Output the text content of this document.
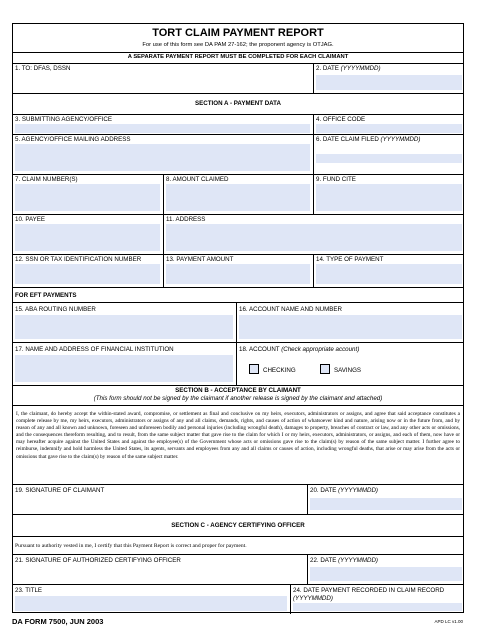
TORT CLAIM PAYMENT REPORT
For use of this form see DA PAM 27-162; the proponent agency is OTJAG.
A SEPARATE PAYMENT REPORT MUST BE COMPLETED FOR EACH CLAIMANT
1. TO: DFAS, DSSN	2. DATE (YYYYMMDD)
SECTION A - PAYMENT DATA
3. SUBMITTING AGENCY/OFFICE	4. OFFICE CODE
5. AGENCY/OFFICE MAILING ADDRESS	6. DATE CLAIM FILED (YYYYMMDD)
7. CLAIM NUMBER(S)	8. AMOUNT CLAIMED	9. FUND CITE
10. PAYEE	11. ADDRESS
12. SSN OR TAX IDENTIFICATION NUMBER	13. PAYMENT AMOUNT	14. TYPE OF PAYMENT
FOR EFT PAYMENTS
15. ABA ROUTING NUMBER	16. ACCOUNT NAME AND NUMBER
17. NAME AND ADDRESS OF FINANCIAL INSTITUTION	18. ACCOUNT (Check appropriate account)
CHECKING	SAVINGS
SECTION B - ACCEPTANCE BY CLAIMANT
(This form should not be signed by the claimant if another release is signed by the claimant and attached)
I, the claimant, do hereby accept the within-stated award, compromise, or settlement as final and conclusive on my heirs, executors, administrators or assigns, and agree that said acceptance constitutes a complete release by me, my heirs, executors, administrators or assigns of any and all claims, demands, rights, and causes of action of whatsoever kind and nature, arising now or in the future from, and by reason of any and all known and unknown, foreseen and unforeseen bodily and personal injuries (including wrongful death), damages to property, breaches of contract or law, and any other acts or omissions, and the consequences thereform resulting, and to result, from the same subject matter that gave rise to the claim for which I or my heirs, executors, administrators, or assigns, and each of them, now have or may hereafter acquire against the United States and against the employee(s) of the Government whose acts or omissions gave rise to the claim(s) by reason of the same subject matter. I further agree to reimburse, indemnify and hold harmless the United States, its agents, servants and employees from any and all claims or causes of action, including wrongful deaths, that arise or may arise from the acts or omissions that gave rise to the claim(s) by reason of the same subject matter.
19. SIGNATURE OF CLAIMANT	20. DATE (YYYYMMDD)
SECTION C - AGENCY CERTIFYING OFFICER
Pursuant to authority vested in me, I certify that this Payment Report is correct and proper for payment.
21. SIGNATURE OF AUTHORIZED CERTIFYING OFFICER	22. DATE (YYYYMMDD)
23. TITLE	24. DATE PAYMENT RECORDED IN CLAIM RECORD
(YYYYMMDD)
DA FORM 7500, JUN 2003	APD LC v1.00
